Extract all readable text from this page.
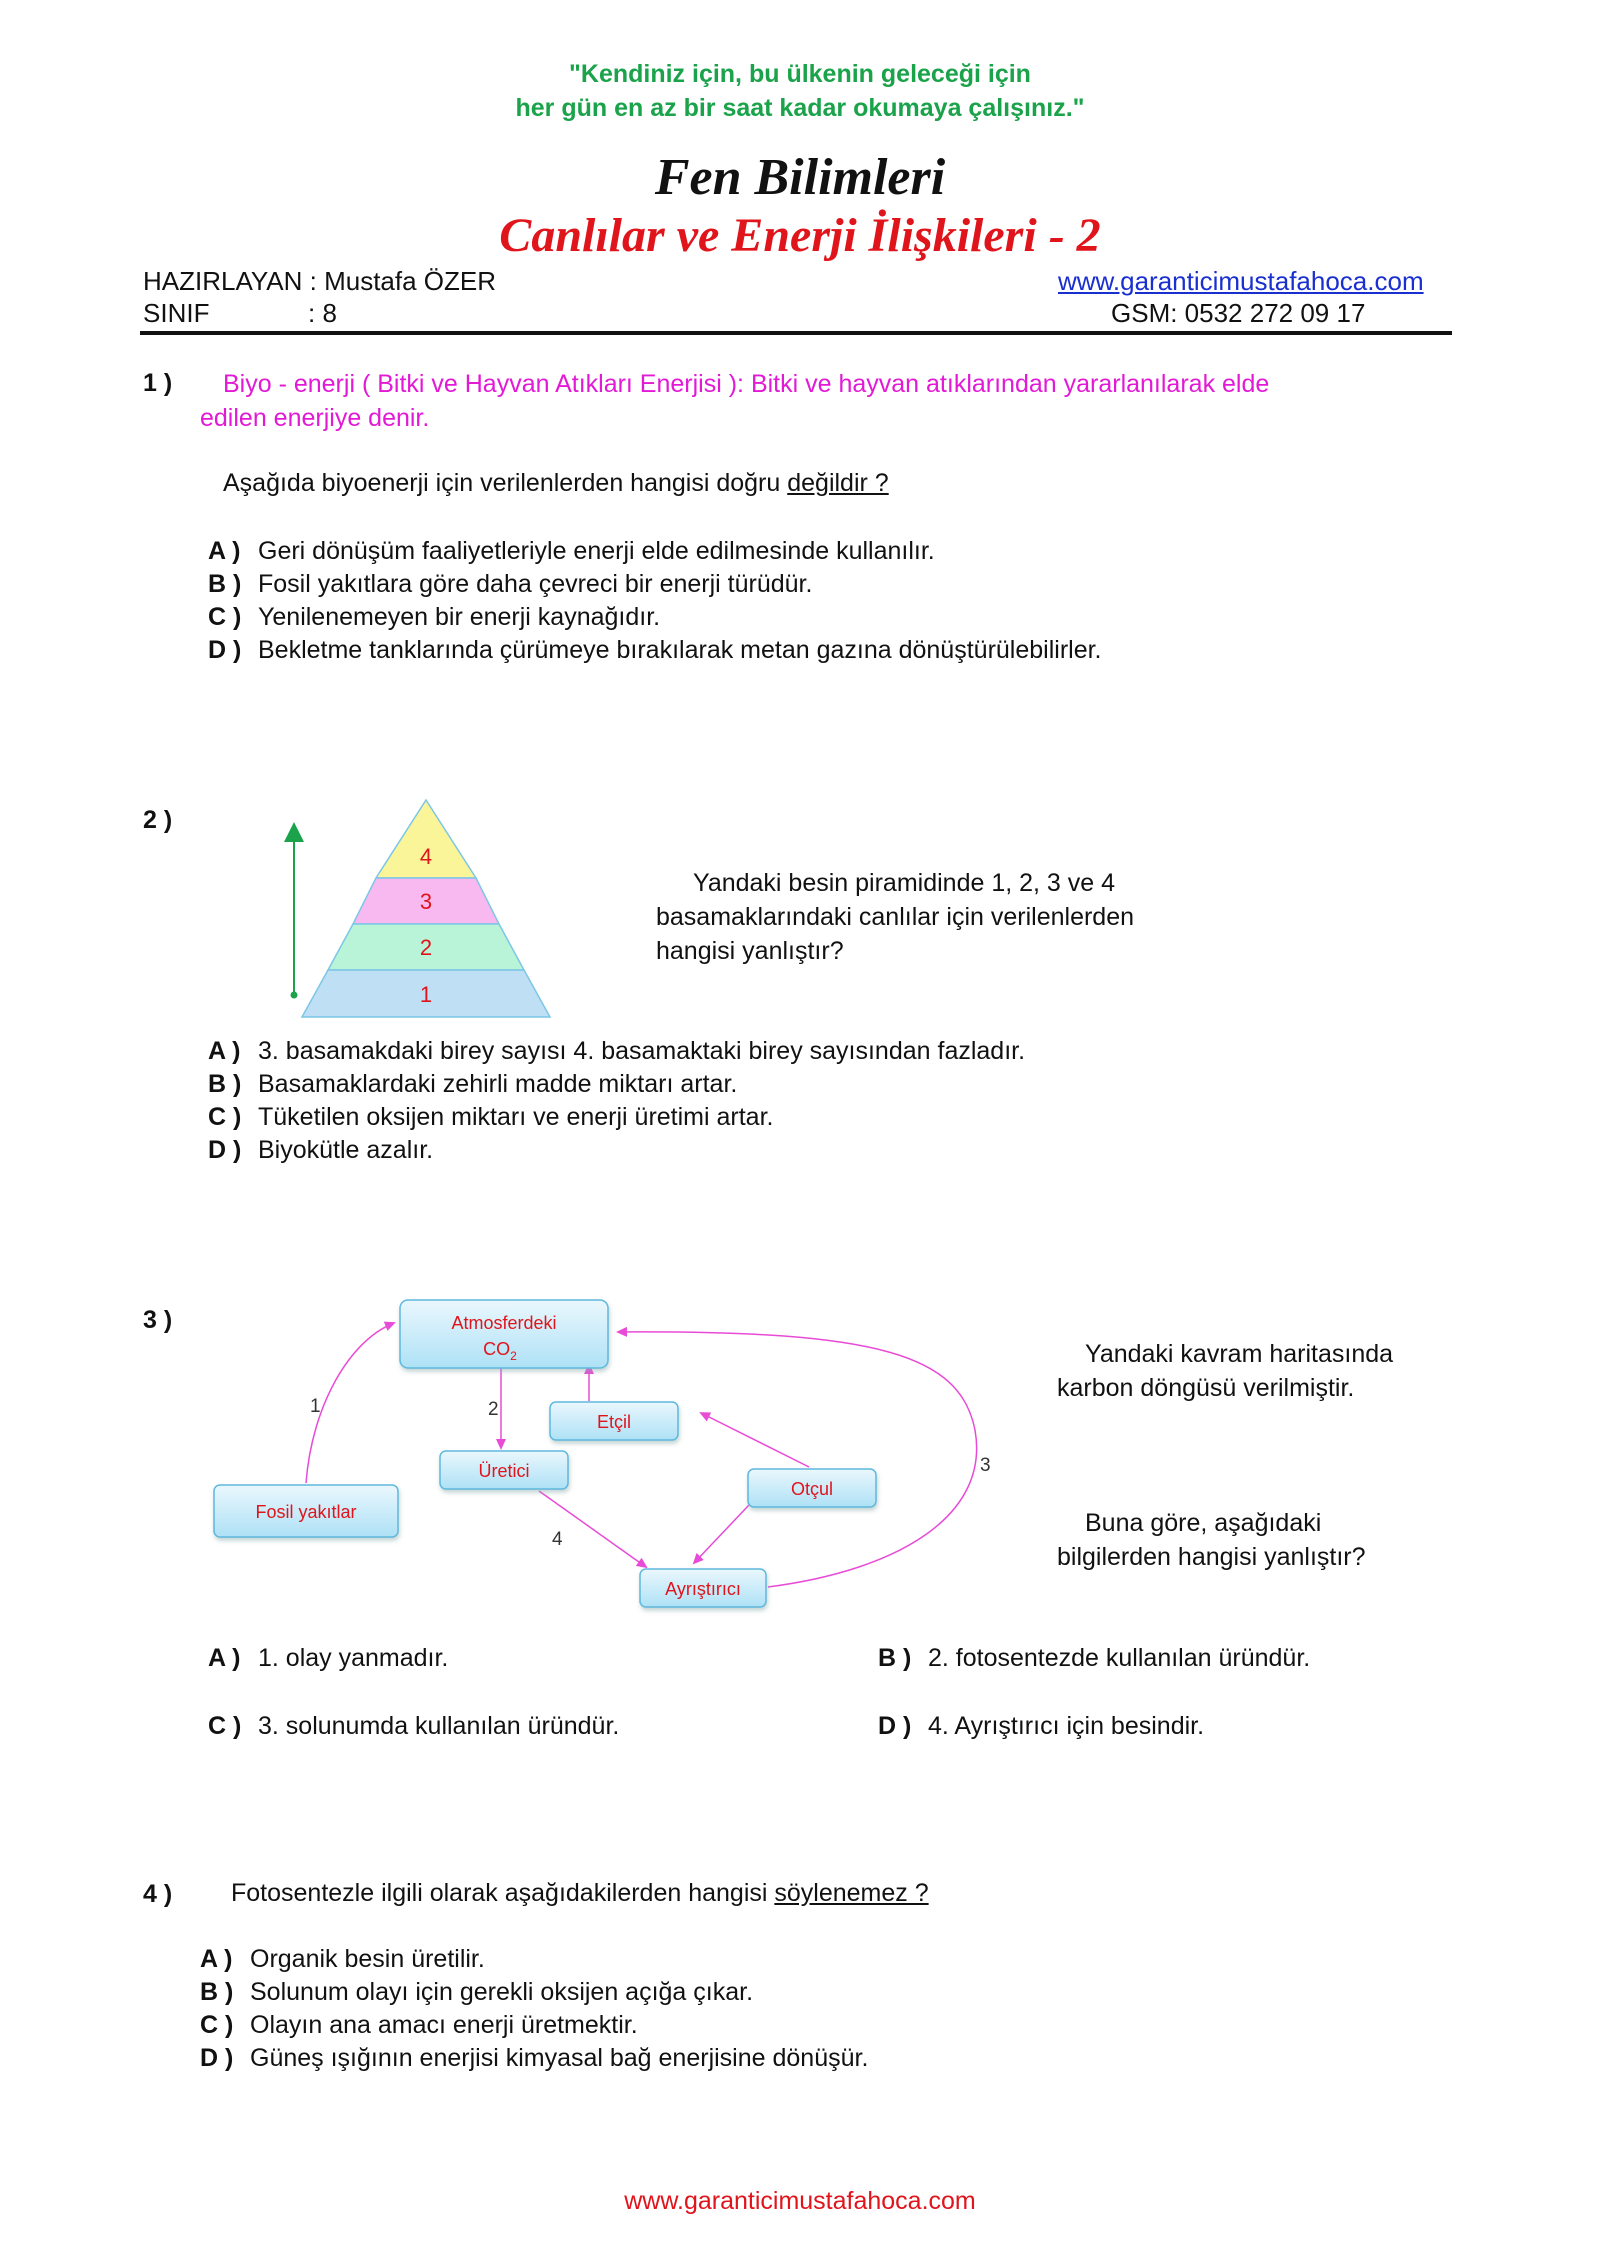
"Kendiniz için, bu ülkenin geleceği için
her gün en az bir saat kadar okumaya çalışınız."
Fen Bilimleri
Canlılar ve Enerji İlişkileri - 2
HAZIRLAYAN : Mustafa ÖZER
SINIF	: 8
www.garanticimustafahoca.com
GSM: 0532 272 09 17
1 ) Biyo - enerji ( Bitki ve Hayvan Atıkları Enerjisi ): Bitki ve hayvan atıklarından yararlanılarak elde
edilen enerjiye denir.
Aşağıda biyoenerji için verilenlerden hangisi doğru değildir ?
A ) Geri dönüşüm faaliyetleriyle enerji elde edilmesinde kullanılır.
B ) Fosil yakıtlara göre daha çevreci bir enerji türüdür.
C ) Yenilenemeyen bir enerji kaynağıdır.
D ) Bekletme tanklarında çürümeye bırakılarak metan gazına dönüştürülebilirler.
2 )
4
3
2
1
Yandaki besin piramidinde 1, 2, 3 ve 4
basamaklarındaki canlılar için verilenlerden
hangisi yanlıştır?
A ) 3. basamakdaki birey sayısı 4. basamaktaki birey sayısından fazladır.
B ) Basamaklardaki zehirli madde miktarı artar.
C ) Tüketilen oksijen miktarı ve enerji üretimi artar.
D ) Biyokütle azalır.
3 )
1	2
3
4
Atmosferdeki
$CO_2$
Etçil
Üretici
Fosil yakıtlar
Otçul
Ayrıştırıcı
Yandaki kavram haritasında
karbon döngüsü verilmiştir.
Buna göre, aşağıdaki
bilgilerden hangisi yanlıştır?
A ) 1. olay yanmadır.	B ) 2. fotosentezde kullanılan üründür.
C ) 3. solunumda kullanılan üründür.	D ) 4. Ayrıştırıcı için besindir.
4 ) Fotosentezle ilgili olarak aşağıdakilerden hangisi söylenemez ?
A ) Organik besin üretilir.
B ) Solunum olayı için gerekli oksijen açığa çıkar.
C ) Olayın ana amacı enerji üretmektir.
D ) Güneş ışığının enerjisi kimyasal bağ enerjisine dönüşür.
www.garanticimustafahoca.com
